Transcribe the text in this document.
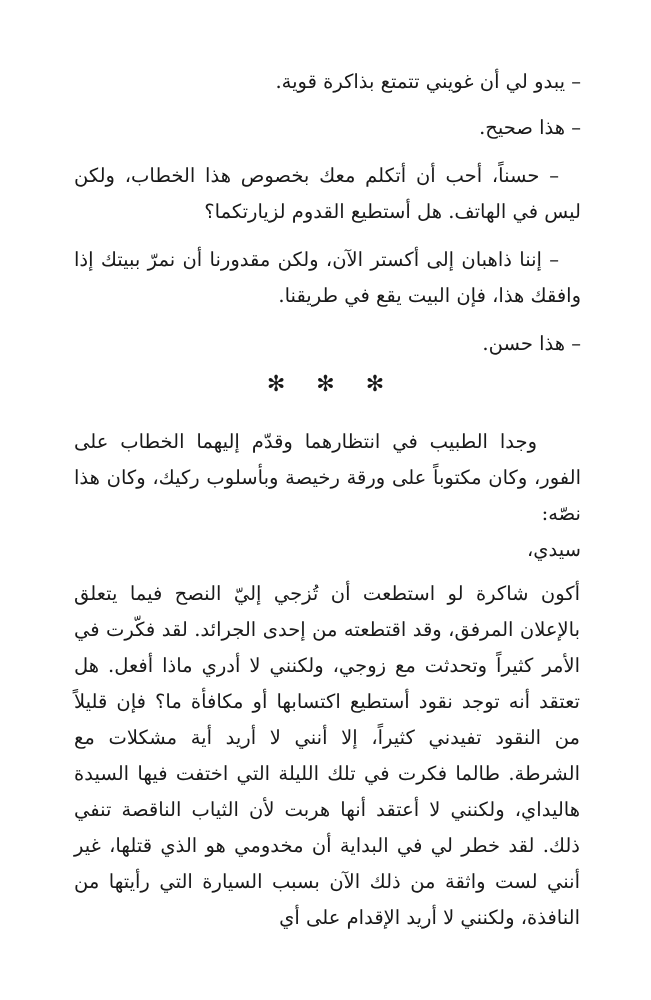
– يبدو لي أن غويني تتمتع بذاكرة قوية.
– هذا صحيح.
– حسناً، أحب أن أتكلم معك بخصوص هذا الخطاب، ولكن ليس في الهاتف. هل أستطيع القدوم لزيارتكما؟
– إننا ذاهبان إلى أكستر الآن، ولكن مقدورنا أن نمرّ ببيتك إذا وافقك هذا، فإن البيت يقع في طريقنا.
– هذا حسن.
✻ ✻ ✻
وجدا الطبيب في انتظارهما وقدّم إليهما الخطاب على الفور، وكان مكتوباً على ورقة رخيصة وبأسلوب ركيك، وكان هذا نصّه:
سيدي،
أكون شاكرة لو استطعت أن تُزجي إليّ النصح فيما يتعلق بالإعلان المرفق، وقد اقتطعته من إحدى الجرائد. لقد فكّرت في الأمر كثيراً وتحدثت مع زوجي، ولكنني لا أدري ماذا أفعل. هل تعتقد أنه توجد نقود أستطيع اكتسابها أو مكافأة ما؟ فإن قليلاً من النقود تفيدني كثيراً، إلا أنني لا أريد أية مشكلات مع الشرطة. طالما فكرت في تلك الليلة التي اختفت فيها السيدة هاليداي، ولكنني لا أعتقد أنها هربت لأن الثياب الناقصة تنفي ذلك. لقد خطر لي في البداية أن مخدومي هو الذي قتلها، غير أنني لست واثقة من ذلك الآن بسبب السيارة التي رأيتها من النافذة، ولكنني لا أريد الإقدام على أي
